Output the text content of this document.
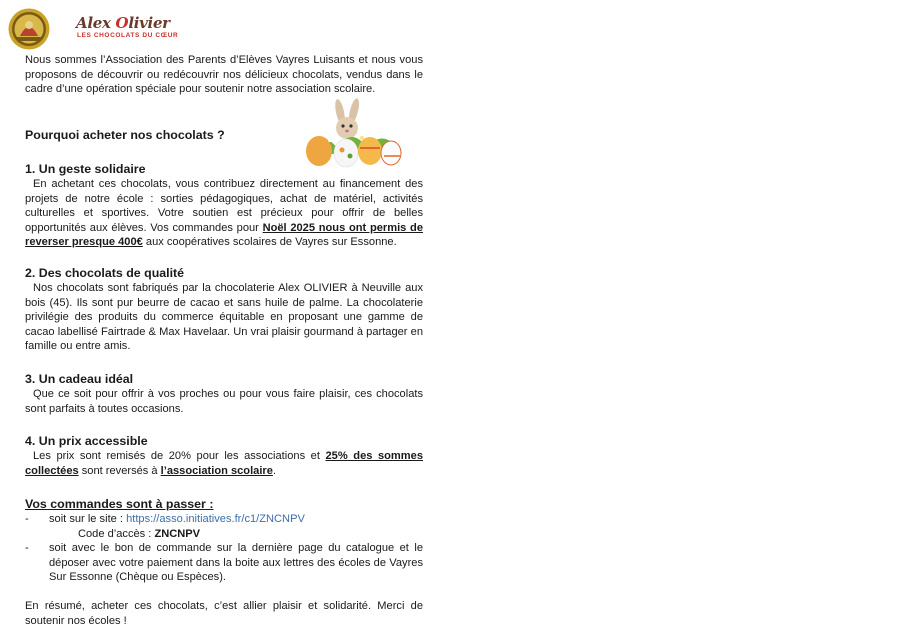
Alex Olivier
LES CHOCOLATS DU CŒUR

Nous sommes l’Association des Parents d’Elèves Vayres Luisants et nous vous proposons de découvrir ou redécouvrir nos délicieux chocolats, vendus dans le cadre d’une opération spéciale pour soutenir notre association scolaire.

Pourquoi acheter nos chocolats ?

1. Un geste solidaire

En achetant ces chocolats, vous contribuez directement au financement des projets de notre école : sorties pédagogiques, achat de matériel, activités culturelles et sportives. Votre soutien est précieux pour offrir de belles opportunités aux élèves. Vos commandes pour Noël 2025 nous ont permis de reverser presque 400€ aux coopératives scolaires de Vayres sur Essonne.

2. Des chocolats de qualité

Nos chocolats sont fabriqués par la chocolaterie Alex OLIVIER à Neuville aux bois (45). Ils sont pur beurre de cacao et sans huile de palme. La chocolaterie privilégie des produits du commerce équitable en proposant une gamme de cacao labellisé Fairtrade & Max Havelaar. Un vrai plaisir gourmand à partager en famille ou entre amis.

3. Un cadeau idéal

Que ce soit pour offrir à vos proches ou pour vous faire plaisir, ces chocolats sont parfaits à toutes occasions.

4. Un prix accessible

Les prix sont remisés de 20% pour les associations et 25% des sommes collectées sont reversés à l’association scolaire.

Vos commandes sont à passer :

- soit sur le site : https://asso.initiatives.fr/c1/ZNCNPV
Code d’accès : ZNCNPV
- soit avec le bon de commande sur la dernière page du catalogue et le déposer avec votre paiement dans la boite aux lettres des écoles de Vayres Sur Essonne (Chèque ou Espèces).

En résumé, acheter ces chocolats, c’est allier plaisir et solidarité. Merci de soutenir nos écoles !
